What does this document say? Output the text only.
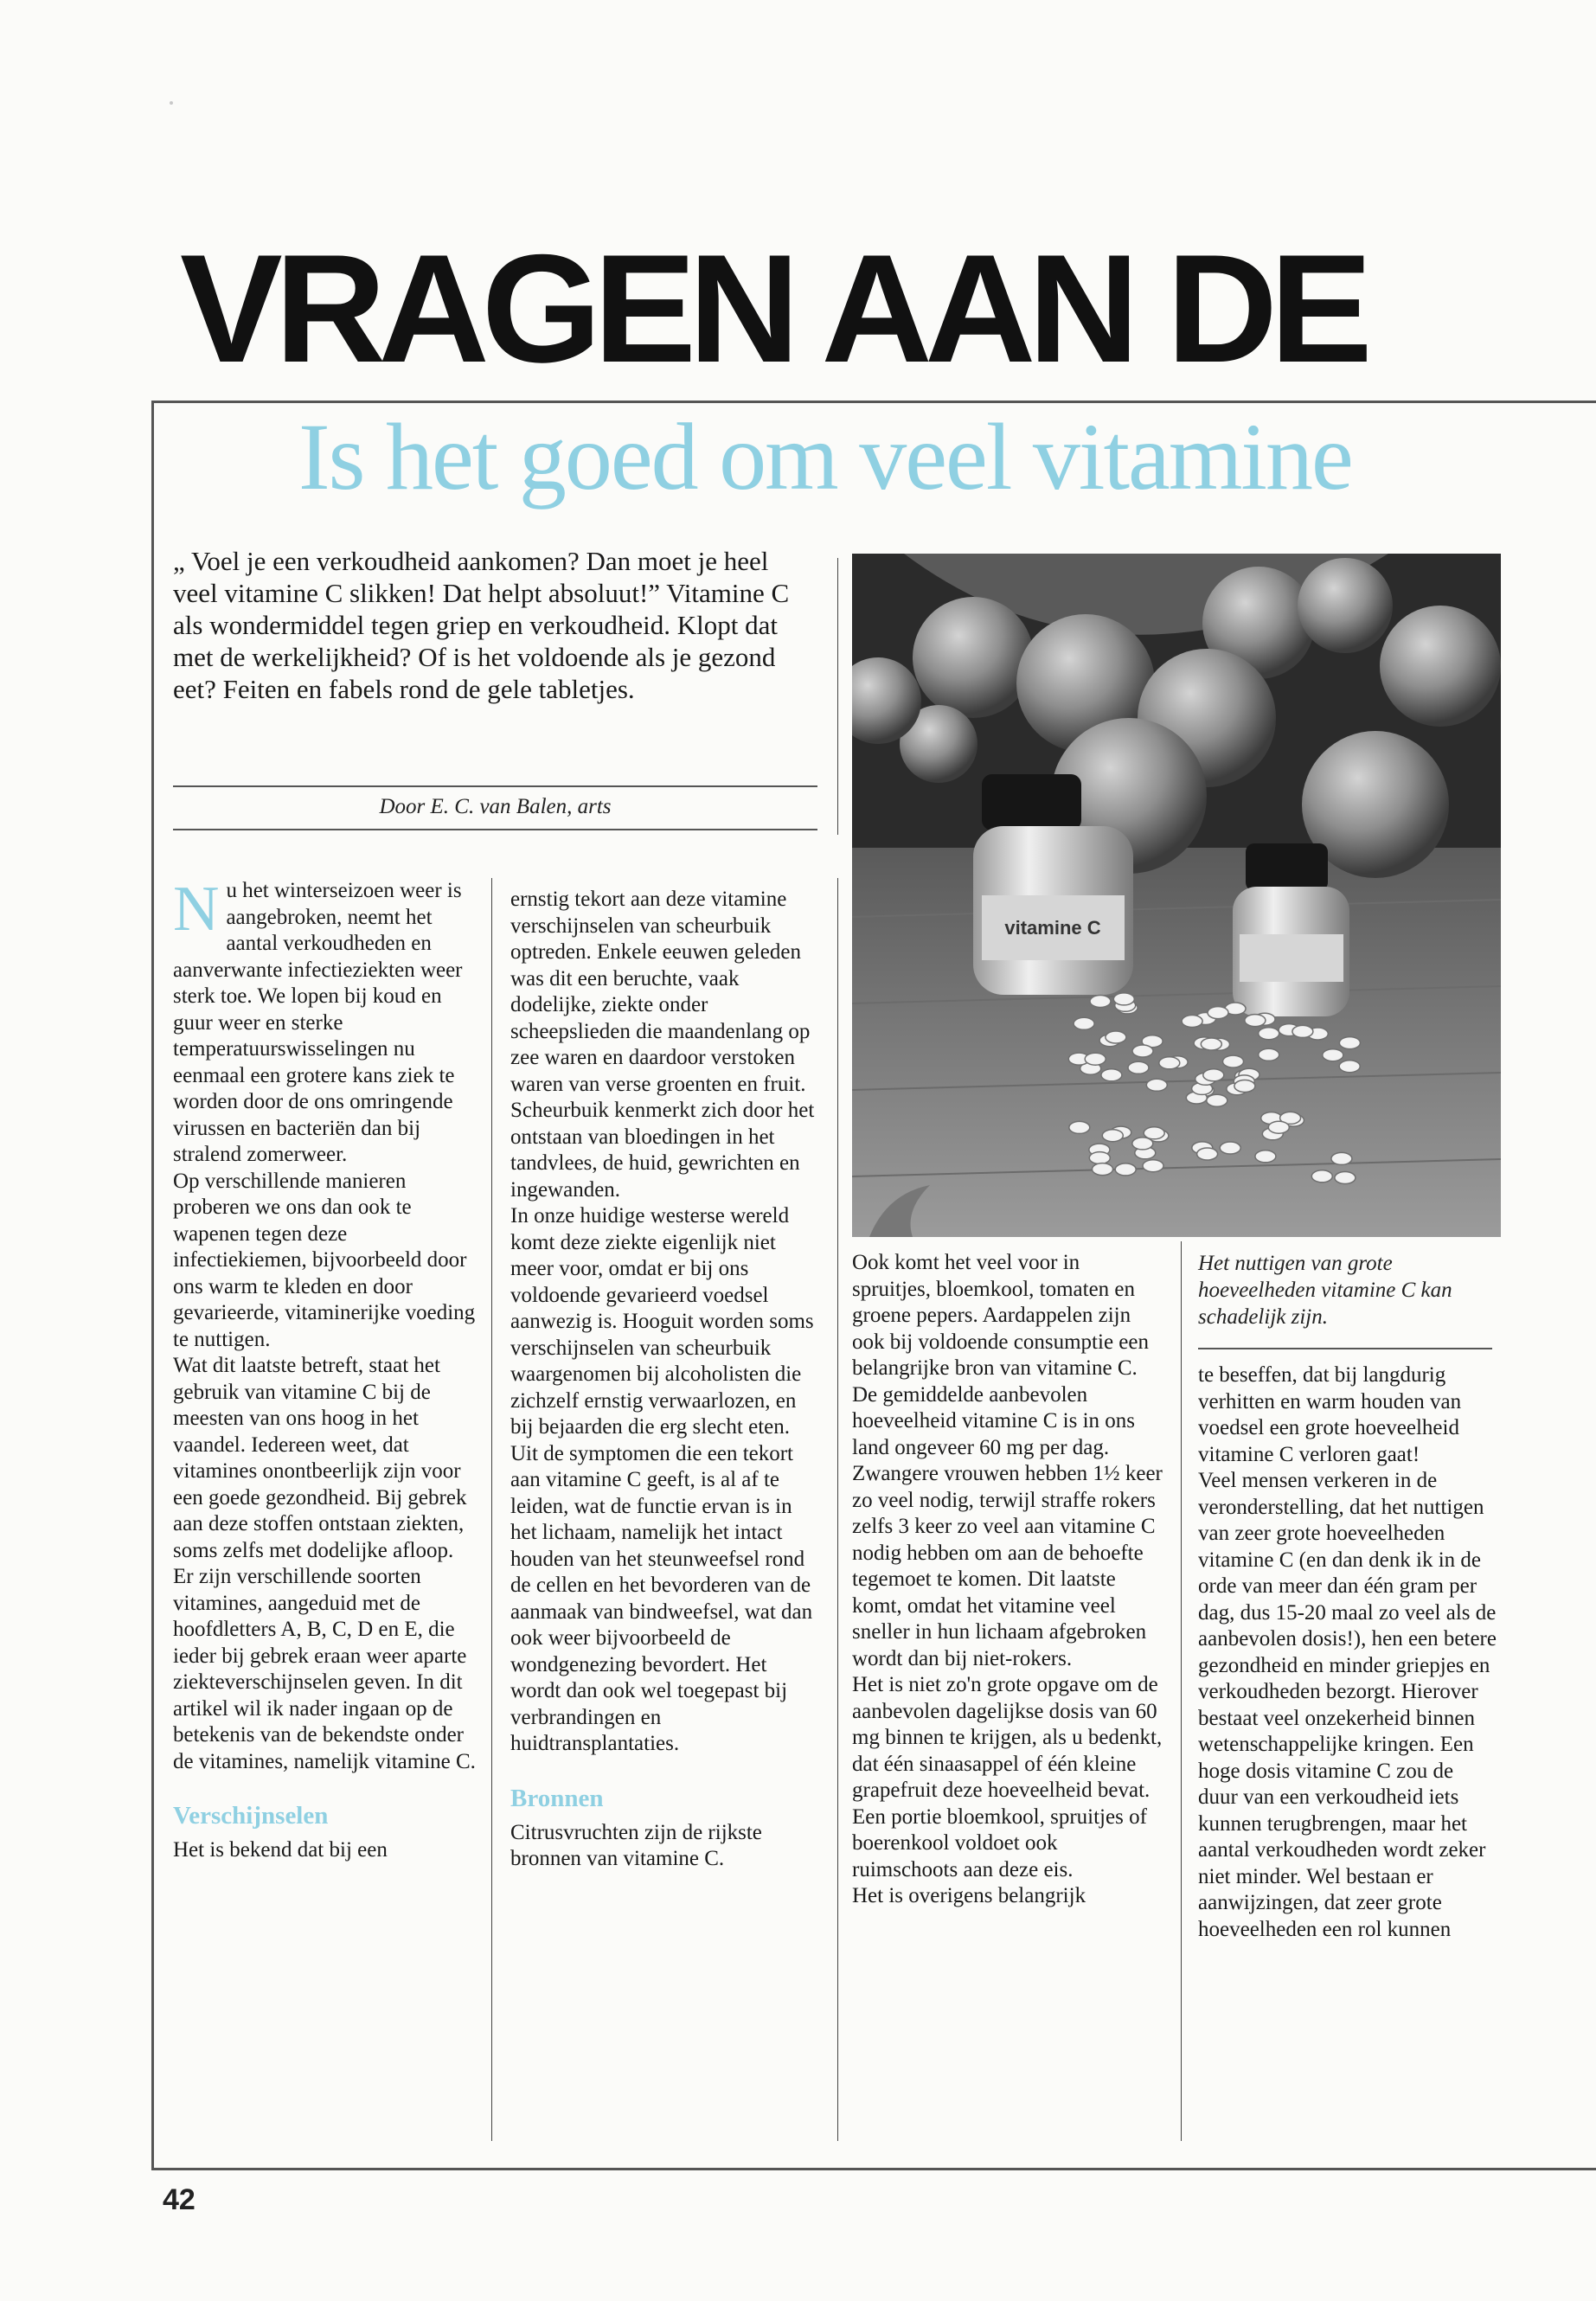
VRAGEN AAN DE
Is het goed om veel vitamine

„ Voel je een verkoudheid aankomen? Dan moet je heel veel vitamine C slikken! Dat helpt absoluut!” Vitamine C als wondermiddel tegen griep en verkoudheid. Klopt dat met de werkelijkheid? Of is het voldoende als je gezond eet? Feiten en fabels rond de gele tabletjes.

Door E. C. van Balen, arts
vitamine C

Nu het winterseizoen weer is aangebroken, neemt het aantal verkoudheden en aanverwante infectieziekten weer sterk toe. We lopen bij koud en guur weer en sterke temperatuurswisselingen nu eenmaal een grotere kans ziek te worden door de ons omringende virussen en bacteriën dan bij stralend zomerweer.

Op verschillende manieren proberen we ons dan ook te wapenen tegen deze infectiekiemen, bijvoorbeeld door ons warm te kleden en door gevarieerde, vitaminerijke voeding te nuttigen.

Wat dit laatste betreft, staat het gebruik van vitamine C bij de meesten van ons hoog in het vaandel. Iedereen weet, dat vitamines onontbeerlijk zijn voor een goede gezondheid. Bij gebrek aan deze stoffen ontstaan ziekten, soms zelfs met dodelijke afloop.

Er zijn verschillende soorten vitamines, aangeduid met de hoofdletters A, B, C, D en E, die ieder bij gebrek eraan weer aparte ziekteverschijnselen geven. In dit artikel wil ik nader ingaan op de betekenis van de bekendste onder de vitamines, namelijk vitamine C.

Verschijnselen

Het is bekend dat bij een

ernstig tekort aan deze vitamine verschijnselen van scheurbuik optreden. Enkele eeuwen geleden was dit een beruchte, vaak dodelijke, ziekte onder scheepslieden die maandenlang op zee waren en daardoor verstoken waren van verse groenten en fruit. Scheurbuik kenmerkt zich door het ontstaan van bloedingen in het tandvlees, de huid, gewrichten en ingewanden.

In onze huidige westerse wereld komt deze ziekte eigenlijk niet meer voor, omdat er bij ons voldoende gevarieerd voedsel aanwezig is. Hooguit worden soms verschijnselen van scheurbuik waargenomen bij alcoholisten die zichzelf ernstig verwaarlozen, en bij bejaarden die erg slecht eten.

Uit de symptomen die een tekort aan vitamine C geeft, is al af te leiden, wat de functie ervan is in het lichaam, namelijk het intact houden van het steunweefsel rond de cellen en het bevorderen van de aanmaak van bindweefsel, wat dan ook weer bijvoorbeeld de wondgenezing bevordert. Het wordt dan ook wel toegepast bij verbrandingen en huidtransplantaties.

Bronnen

Citrusvruchten zijn de rijkste bronnen van vitamine C.

Ook komt het veel voor in spruitjes, bloemkool, tomaten en groene pepers. Aardappelen zijn ook bij voldoende consumptie een belangrijke bron van vitamine C. De gemiddelde aanbevolen hoeveelheid vitamine C is in ons land ongeveer 60 mg per dag. Zwangere vrouwen hebben 1½ keer zo veel nodig, terwijl straffe rokers zelfs 3 keer zo veel aan vitamine C nodig hebben om aan de behoefte tegemoet te komen. Dit laatste komt, omdat het vitamine veel sneller in hun lichaam afgebroken wordt dan bij niet-rokers.

Het is niet zo'n grote opgave om de aanbevolen dagelijkse dosis van 60 mg binnen te krijgen, als u bedenkt, dat één sinaasappel of één kleine grapefruit deze hoeveelheid bevat. Een portie bloemkool, spruitjes of boerenkool voldoet ook ruimschoots aan deze eis.

Het is overigens belangrijk

Het nuttigen van grote hoeveelheden vitamine C kan schadelijk zijn.

te beseffen, dat bij langdurig verhitten en warm houden van voedsel een grote hoeveelheid vitamine C verloren gaat!

Veel mensen verkeren in de veronderstelling, dat het nuttigen van zeer grote hoeveelheden vitamine C (en dan denk ik in de orde van meer dan één gram per dag, dus 15-20 maal zo veel als de aanbevolen dosis!), hen een betere gezondheid en minder griepjes en verkoudheden bezorgt. Hierover bestaat veel onzekerheid binnen wetenschappelijke kringen. Een hoge dosis vitamine C zou de duur van een verkoudheid iets kunnen terugbrengen, maar het aantal verkoudheden wordt zeker niet minder. Wel bestaan er aanwijzingen, dat zeer grote hoeveelheden een rol kunnen

42
